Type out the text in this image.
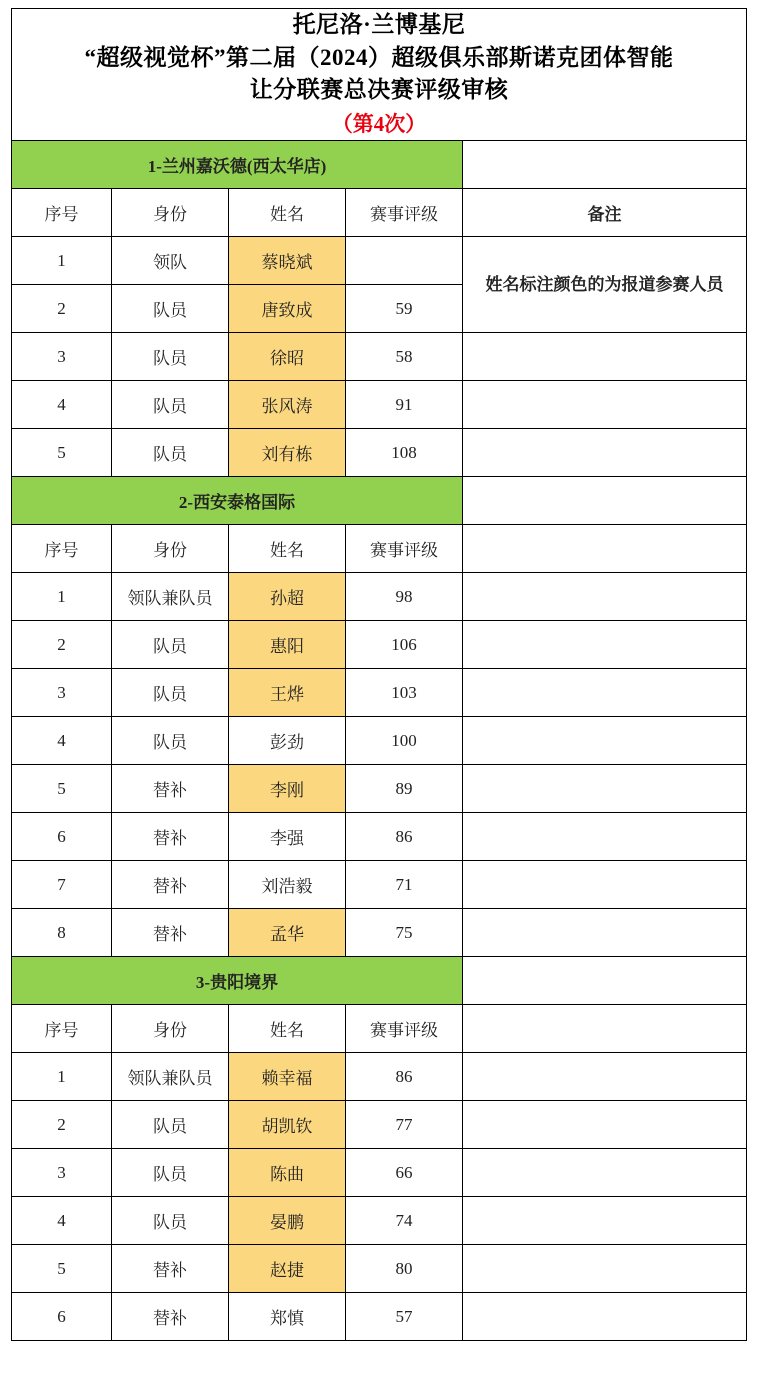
托尼洛·兰博基尼
“超级视觉杯”第二届（2024）超级俱乐部斯诺克团体智能
让分联赛总决赛评级审核
（第4次）				

1-兰州嘉沃德(西太华店)				
序号	身份	姓名	赛事评级	备注
1	领队	蔡晓斌		姓名标注颜色的为报道参赛人员
2	队员	唐致成	59	
3	队员	徐昭	58	
4	队员	张风涛	91	
5	队员	刘有栋	108	
2-西安泰格国际				
序号	身份	姓名	赛事评级	
1	领队兼队员	孙超	98	
2	队员	惠阳	106	
3	队员	王烨	103	
4	队员	彭劲	100	
5	替补	李刚	89	
6	替补	李强	86	
7	替补	刘浩毅	71	
8	替补	孟华	75	
3-贵阳境界				
序号	身份	姓名	赛事评级	
1	领队兼队员	赖幸福	86	
2	队员	胡凯钦	77	
3	队员	陈曲	66	
4	队员	晏鹏	74	
5	替补	赵捷	80	
6	替补	郑慎	57	
